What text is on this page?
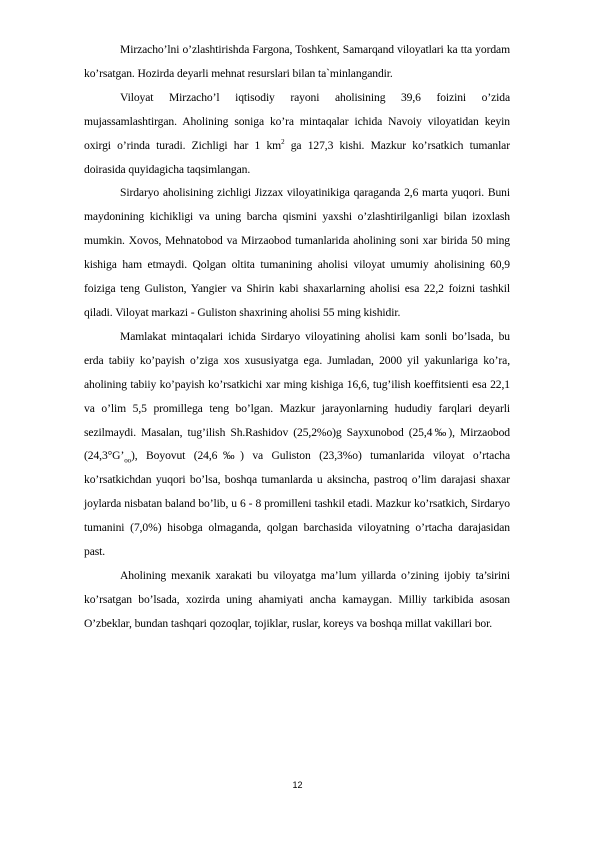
Mirzacho’lni o’zlashtirishda Fargona, Toshkent, Samarqand viloyatlari ka tta yordam ko’rsatgan. Hozirda deyarli mehnat resurslari bilan ta`minlangandir.

Viloyat Mirzacho’l iqtisodiy rayoni aholisining 39,6 foizini o’zida mujassamlashtirgan. Aholining soniga ko’ra mintaqalar ichida Navoiy viloyatidan keyin oxirgi o’rinda turadi. Zichligi har 1 $km^2$ ga 127,3 kishi. Mazkur ko’rsatkich tumanlar doirasida quyidagicha taqsimlangan.

Sirdaryo aholisining zichligi Jizzax viloyatinikiga qaraganda 2,6 marta yuqori. Buni maydonining kichikligi va uning barcha qismini yaxshi o’zlashtirilganligi bilan izoxlash mumkin. Xovos, Mehnatobod va Mirzaobod tumanlarida aholining soni xar birida 50 ming kishiga ham etmaydi. Qolgan oltita tumanining aholisi viloyat umumiy aholisining 60,9 foiziga teng Guliston, Yangier va Shirin kabi shaxarlarning aholisi esa 22,2 foizni tashkil qiladi. Viloyat markazi - Guliston shaxrining aholisi 55 ming kishidir.

Mamlakat mintaqalari ichida Sirdaryo viloyatining aholisi kam sonli bo’lsada, bu erda tabiiy ko’payish o’ziga xos xususiyatga ega. Jumladan, 2000 yil yakunlariga ko’ra, aholining tabiiy ko’payish ko’rsatkichi xar ming kishiga 16,6, tug’ilish koeffitsienti esa 22,1 va o’lim 5,5 promillega teng bo’lgan. Mazkur jarayonlarning hududiy farqlari deyarli sezilmaydi. Masalan, tug’ilish Sh.Rashidov (25,2%o)g Sayxunobod (25,4‰), Mirzaobod $(24,3^\circ G’_{oo})$, Boyovut (24,6‰) va Guliston (23,3%o) tumanlarida viloyat o’rtacha ko’rsatkichdan yuqori bo’lsa, boshqa tumanlarda u aksincha, pastroq o’lim darajasi shaxar joylarda nisbatan baland bo’lib, u 6 - 8 promilleni tashkil etadi. Mazkur ko’rsatkich, Sirdaryo tumanini (7,0%) hisobga olmaganda, qolgan barchasida viloyatning o’rtacha darajasidan past.

Aholining mexanik xarakati bu viloyatga ma’lum yillarda o’zining ijobiy ta’sirini ko’rsatgan bo’lsada, xozirda uning ahamiyati ancha kamaygan. Milliy tarkibida asosan O’zbeklar, bundan tashqari qozoqlar, tojiklar, ruslar, koreys va boshqa millat vakillari bor.

12
